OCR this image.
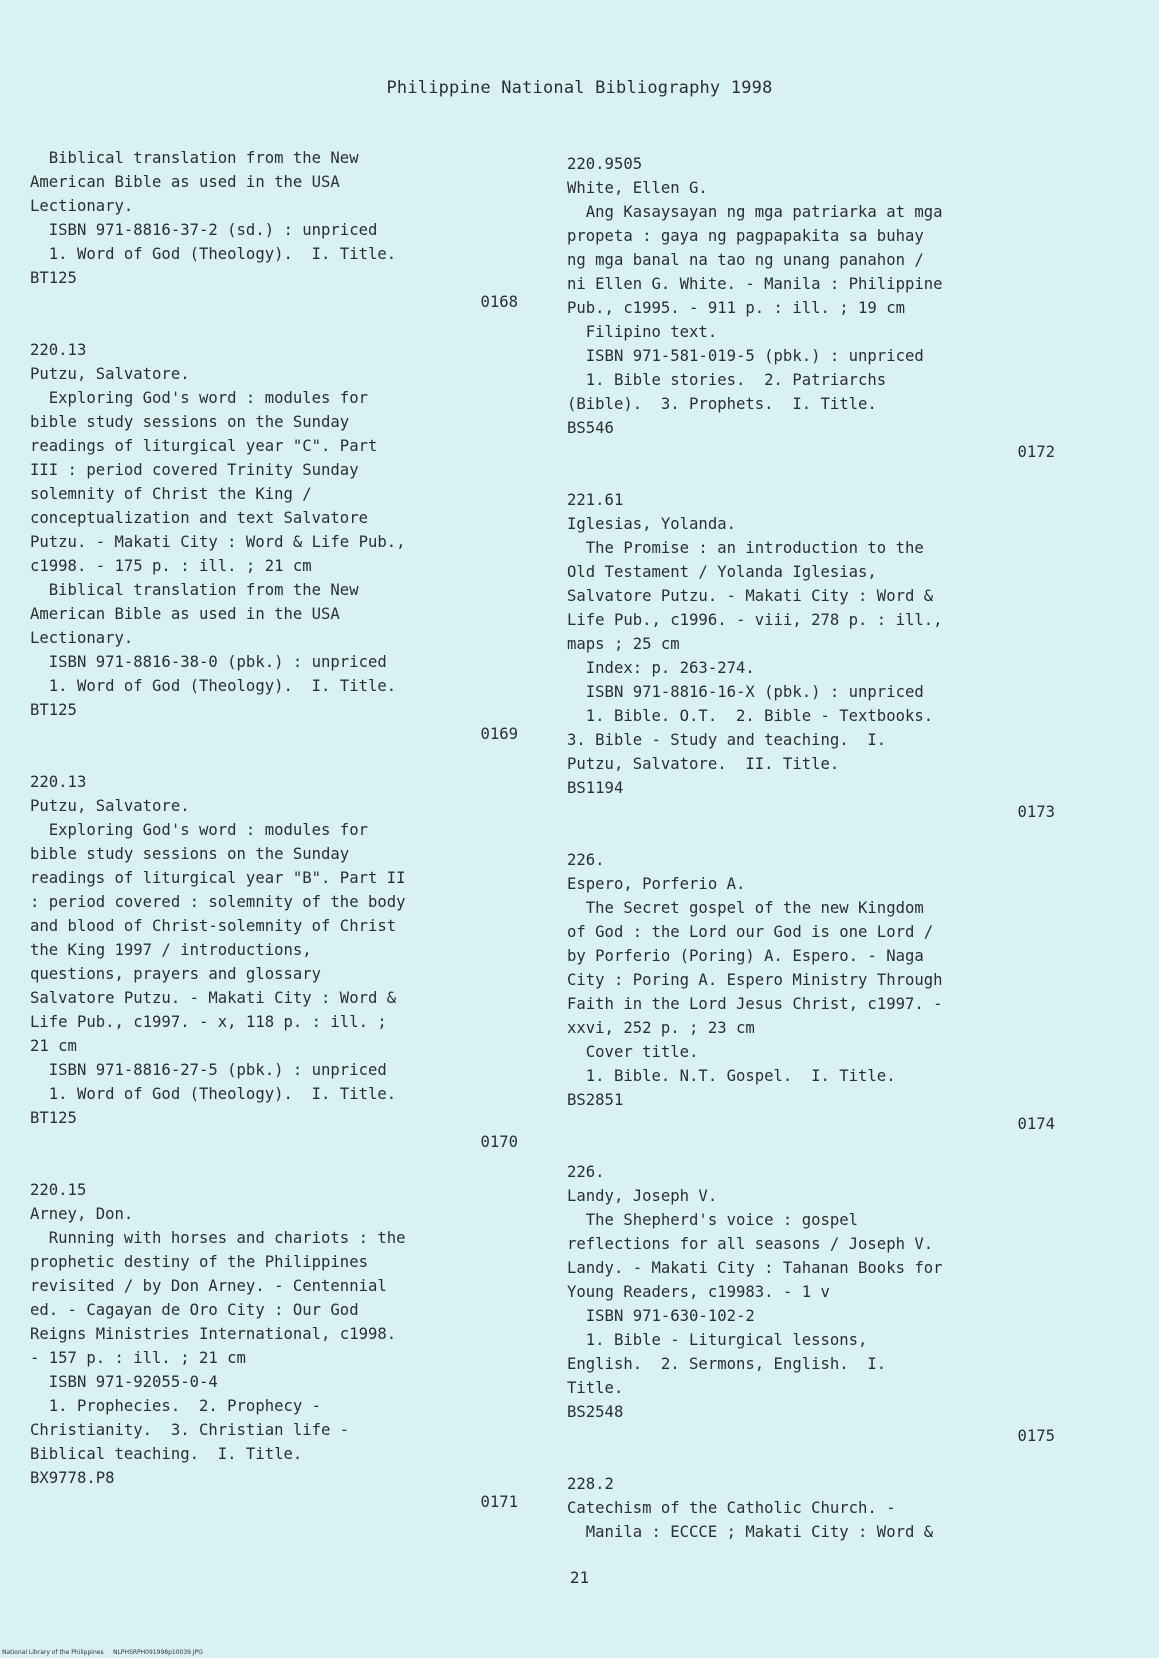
Philippine National Bibliography 1998
Biblical translation from the New
American Bible as used in the USA
Lectionary.
ISBN 971-8816-37-2 (sd.) : unpriced
1. Word of God (Theology).  I. Title.
BT125
0168
220.13
Putzu, Salvatore.
Exploring God's word : modules for
bible study sessions on the Sunday
readings of liturgical year "C". Part
III : period covered Trinity Sunday
solemnity of Christ the King /
conceptualization and text Salvatore
Putzu. - Makati City : Word & Life Pub.,
c1998. - 175 p. : ill. ; 21 cm
Biblical translation from the New
American Bible as used in the USA
Lectionary.
ISBN 971-8816-38-0 (pbk.) : unpriced
1. Word of God (Theology).  I. Title.
BT125
0169
220.13
Putzu, Salvatore.
Exploring God's word : modules for
bible study sessions on the Sunday
readings of liturgical year "B". Part II
: period covered : solemnity of the body
and blood of Christ-solemnity of Christ
the King 1997 / introductions,
questions, prayers and glossary
Salvatore Putzu. - Makati City : Word &
Life Pub., c1997. - x, 118 p. : ill. ;
21 cm
ISBN 971-8816-27-5 (pbk.) : unpriced
1. Word of God (Theology).  I. Title.
BT125
0170
220.15
Arney, Don.
Running with horses and chariots : the
prophetic destiny of the Philippines
revisited / by Don Arney. - Centennial
ed. - Cagayan de Oro City : Our God
Reigns Ministries International, c1998.
- 157 p. : ill. ; 21 cm
ISBN 971-92055-0-4
1. Prophecies.  2. Prophecy -
Christianity.  3. Christian life -
Biblical teaching.  I. Title.
BX9778.P8
0171
220.9505
White, Ellen G.
Ang Kasaysayan ng mga patriarka at mga
propeta : gaya ng pagpapakita sa buhay
ng mga banal na tao ng unang panahon /
ni Ellen G. White. - Manila : Philippine
Pub., c1995. - 911 p. : ill. ; 19 cm
Filipino text.
ISBN 971-581-019-5 (pbk.) : unpriced
1. Bible stories.  2. Patriarchs
(Bible).  3. Prophets.  I. Title.
BS546
0172
221.61
Iglesias, Yolanda.
The Promise : an introduction to the
Old Testament / Yolanda Iglesias,
Salvatore Putzu. - Makati City : Word &
Life Pub., c1996. - viii, 278 p. : ill.,
maps ; 25 cm
Index: p. 263-274.
ISBN 971-8816-16-X (pbk.) : unpriced
1. Bible. O.T.  2. Bible - Textbooks.
3. Bible - Study and teaching.  I.
Putzu, Salvatore.  II. Title.
BS1194
0173
226.
Espero, Porferio A.
The Secret gospel of the new Kingdom
of God : the Lord our God is one Lord /
by Porferio (Poring) A. Espero. - Naga
City : Poring A. Espero Ministry Through
Faith in the Lord Jesus Christ, c1997. -
xxvi, 252 p. ; 23 cm
Cover title.
1. Bible. N.T. Gospel.  I. Title.
BS2851
0174
226.
Landy, Joseph V.
The Shepherd's voice : gospel
reflections for all seasons / Joseph V.
Landy. - Makati City : Tahanan Books for
Young Readers, c19983. - 1 v
ISBN 971-630-102-2
1. Bible - Liturgical lessons,
English.  2. Sermons, English.  I.
Title.
BS2548
0175
228.2
Catechism of the Catholic Church. -
Manila : ECCCE ; Makati City : Word &
21
National Library of the Philippines     NLPHSRPH091998p10039.JPG
